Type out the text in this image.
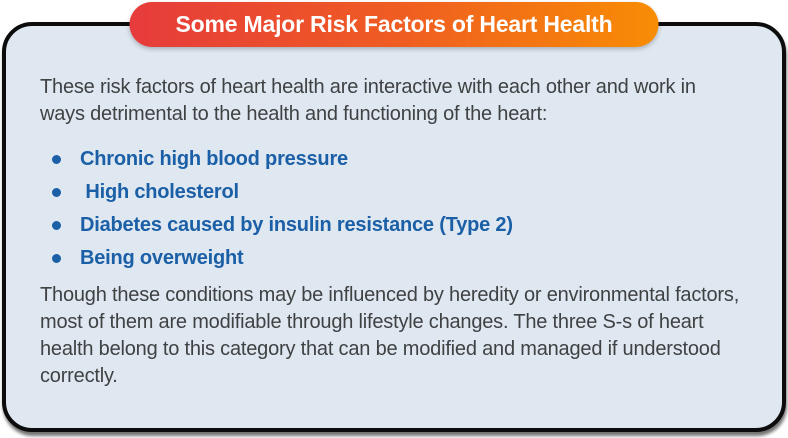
Some Major Risk Factors of Heart Health

These risk factors of heart health are interactive with each other and work in ways detrimental to the health and functioning of the heart:

Chronic high blood pressure
High cholesterol
Diabetes caused by insulin resistance (Type 2)
Being overweight

Though these conditions may be influenced by heredity or environmental factors, most of them are modifiable through lifestyle changes. The three S-s of heart health belong to this category that can be modified and managed if understood correctly.
